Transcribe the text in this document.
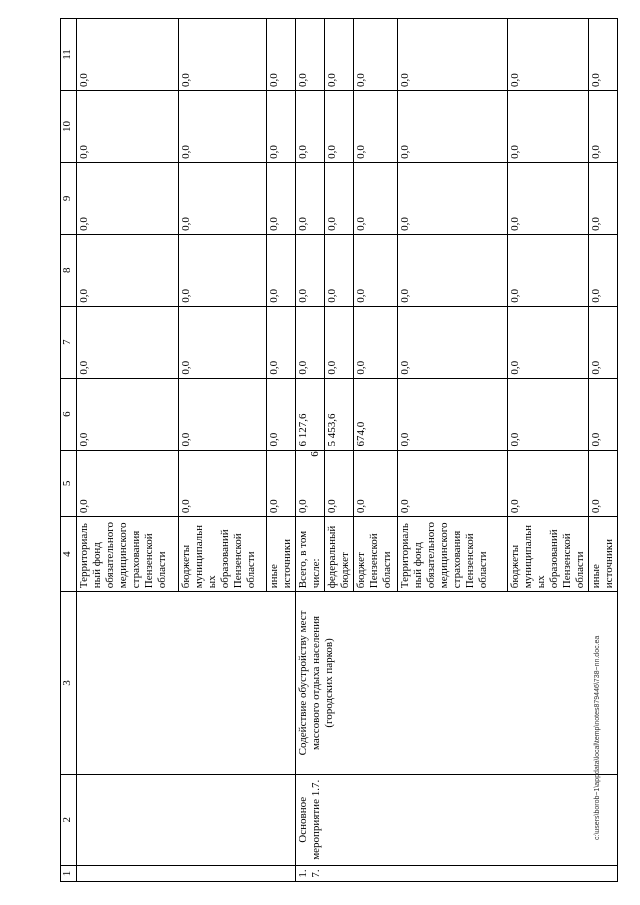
6
1	2	3	4	5	6	7	8	9	10	11
			Территориальный фонд обязательного медицинского страхования Пензенской области	0,0	0,0	0,0	0,0	0,0	0,0	0,0
			бюджеты муниципальных образований Пензенской области	0,0	0,0	0,0	0,0	0,0	0,0	0,0
			иные источники	0,0	0,0	0,0	0,0	0,0	0,0	0,0
1.7.	Основное мероприятие 1.7.	Содействие обустройству мест массового отдыха населения (городских парков)	Всего, в том числе:	0,0	6 127,6	0,0	0,0	0,0	0,0	0,0
			федеральный бюджет	0,0	5 453,6	0,0	0,0	0,0	0,0	0,0
			бюджет Пензенской области	0,0	674,0	0,0	0,0	0,0	0,0	0,0
			Территориальный фонд обязательного медицинского страхования Пензенской области	0,0	0,0	0,0	0,0	0,0	0,0	0,0
			бюджеты муниципальных образований Пензенской области	0,0	0,0	0,0	0,0	0,0	0,0	0,0
			иные источники	0,0	0,0	0,0	0,0	0,0	0,0	0,0
c:\users\borob~1\appdata\local\temp\notes879446\738~nn.doc.ea
